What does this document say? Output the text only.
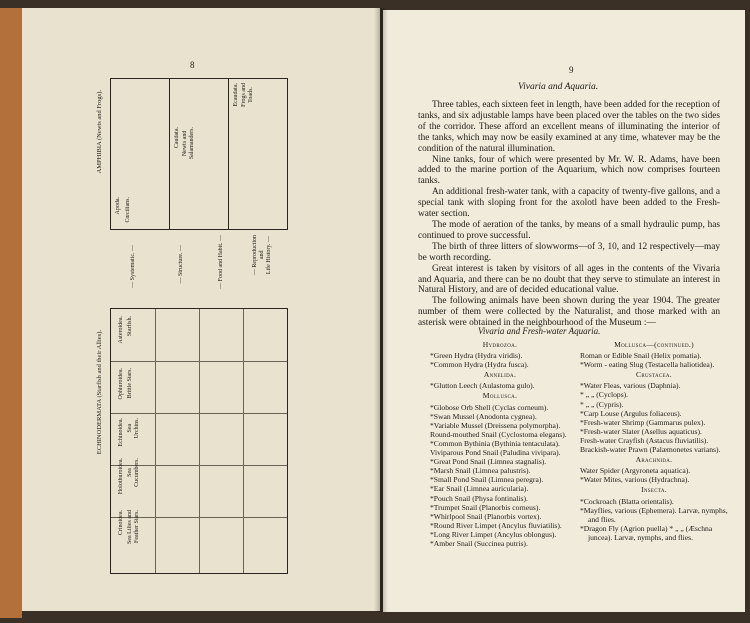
8
Apoda. Cœcilians.
Caudata. Newts and
Salamanders.
Ecaudata. Frogs and
Toads.
AMPHIBIA (Newts and Frogs).
— Systematic. —	— Structure. —	— Food and Habit. —	— Reproduction
and
Life History. —
ECHINODERMATA (Starfish and their Allies).
Crinoidea.
Sea Lilies and
Feather Stars.
Holothuroidea. Sea
Cucumbers.
Echinoidea. Sea
Urchins.
Ophiuroidea. Brittle Stars.
Asteroidea. Starfish.
9
Vivaria and Aquaria.

Three tables, each sixteen feet in length, have been added for the reception of tanks, and six adjustable lamps have been placed over the tables on the two sides of the corridor. These afford an excellent means of illuminating the interior of the tanks, which may now be easily examined at any time, whatever may be the condition of the natural illumination.

Nine tanks, four of which were presented by Mr. W. R. Adams, have been added to the marine portion of the Aquarium, which now comprises fourteen tanks.

An additional fresh-water tank, with a capacity of twenty-five gallons, and a special tank with sloping front for the axolotl have been added to the Fresh-water section.

The mode of aeration of the tanks, by means of a small hydraulic pump, has continued to prove successful.

The birth of three litters of slowworms—of 3, 10, and 12 respectively—may be worth recording.

Great interest is taken by visitors of all ages in the contents of the Vivaria and Aquaria, and there can be no doubt that they serve to stimulate an interest in Natural History, and are of decided educational value.

The following animals have been shown during the year 1904. The greater number of them were collected by the Naturalist, and those marked with an asterisk were obtained in the neighbourhood of the Museum :—

Vivaria and Fresh-water Aquaria.
Hydrozoa.
*Green Hydra (Hydra viridis).
*Common Hydra (Hydra fusca).
Annelida.
*Glutton Leech (Aulastoma gulo).
Mollusca.
*Globose Orb Shell (Cyclas corneum).
*Swan Mussel (Anodonta cygnea).
*Variable Mussel (Dreissena polymorpha).
Round-mouthed Snail (Cyclostoma elegans).
*Common Bythinia (Bythinia tentaculata).
Viviparous Pond Snail (Paludina vivipara).
*Great Pond Snail (Limnea stagnalis).
*Marsh Snail (Limnea palustris).
*Small Pond Snail (Limnea peregra).
*Ear Snail (Limnea auricularia).
*Pouch Snail (Physa fontinalis).
*Trumpet Snail (Planorbis corneus).
*Whirlpool Snail (Planorbis vortex).
*Round River Limpet (Ancylus fluviatilis).
*Long River Limpet (Ancylus oblongus).
*Amber Snail (Succinea putris).
Mollusca—(continued.)
Roman or Edible Snail (Helix pomatia).
*Worm - eating Slug (Testacella haliotidea).
Crustacea.
*Water Fleas, various (Daphnia).
* „ „ (Cyclops).
* „ „ (Cypris).
*Carp Louse (Argulus foliaceus).
*Fresh-water Shrimp (Gammarus pulex).
*Fresh-water Slater (Asellus aquaticus).
Fresh-water Crayfish (Astacus fluviatilis).
Brackish-water Prawn (Palæmonetes varians).
Arachnida.
Water Spider (Argyroneta aquatica).
*Water Mites, various (Hydrachna).
Insecta.
*Cockroach (Blatta orientalis).
*Mayflies, various (Ephemera). Larvæ, nymphs, and flies.
*Dragon Fly (Agrion puella) * „ „ (Æschna juncea). Larvæ, nymphs, and flies.
